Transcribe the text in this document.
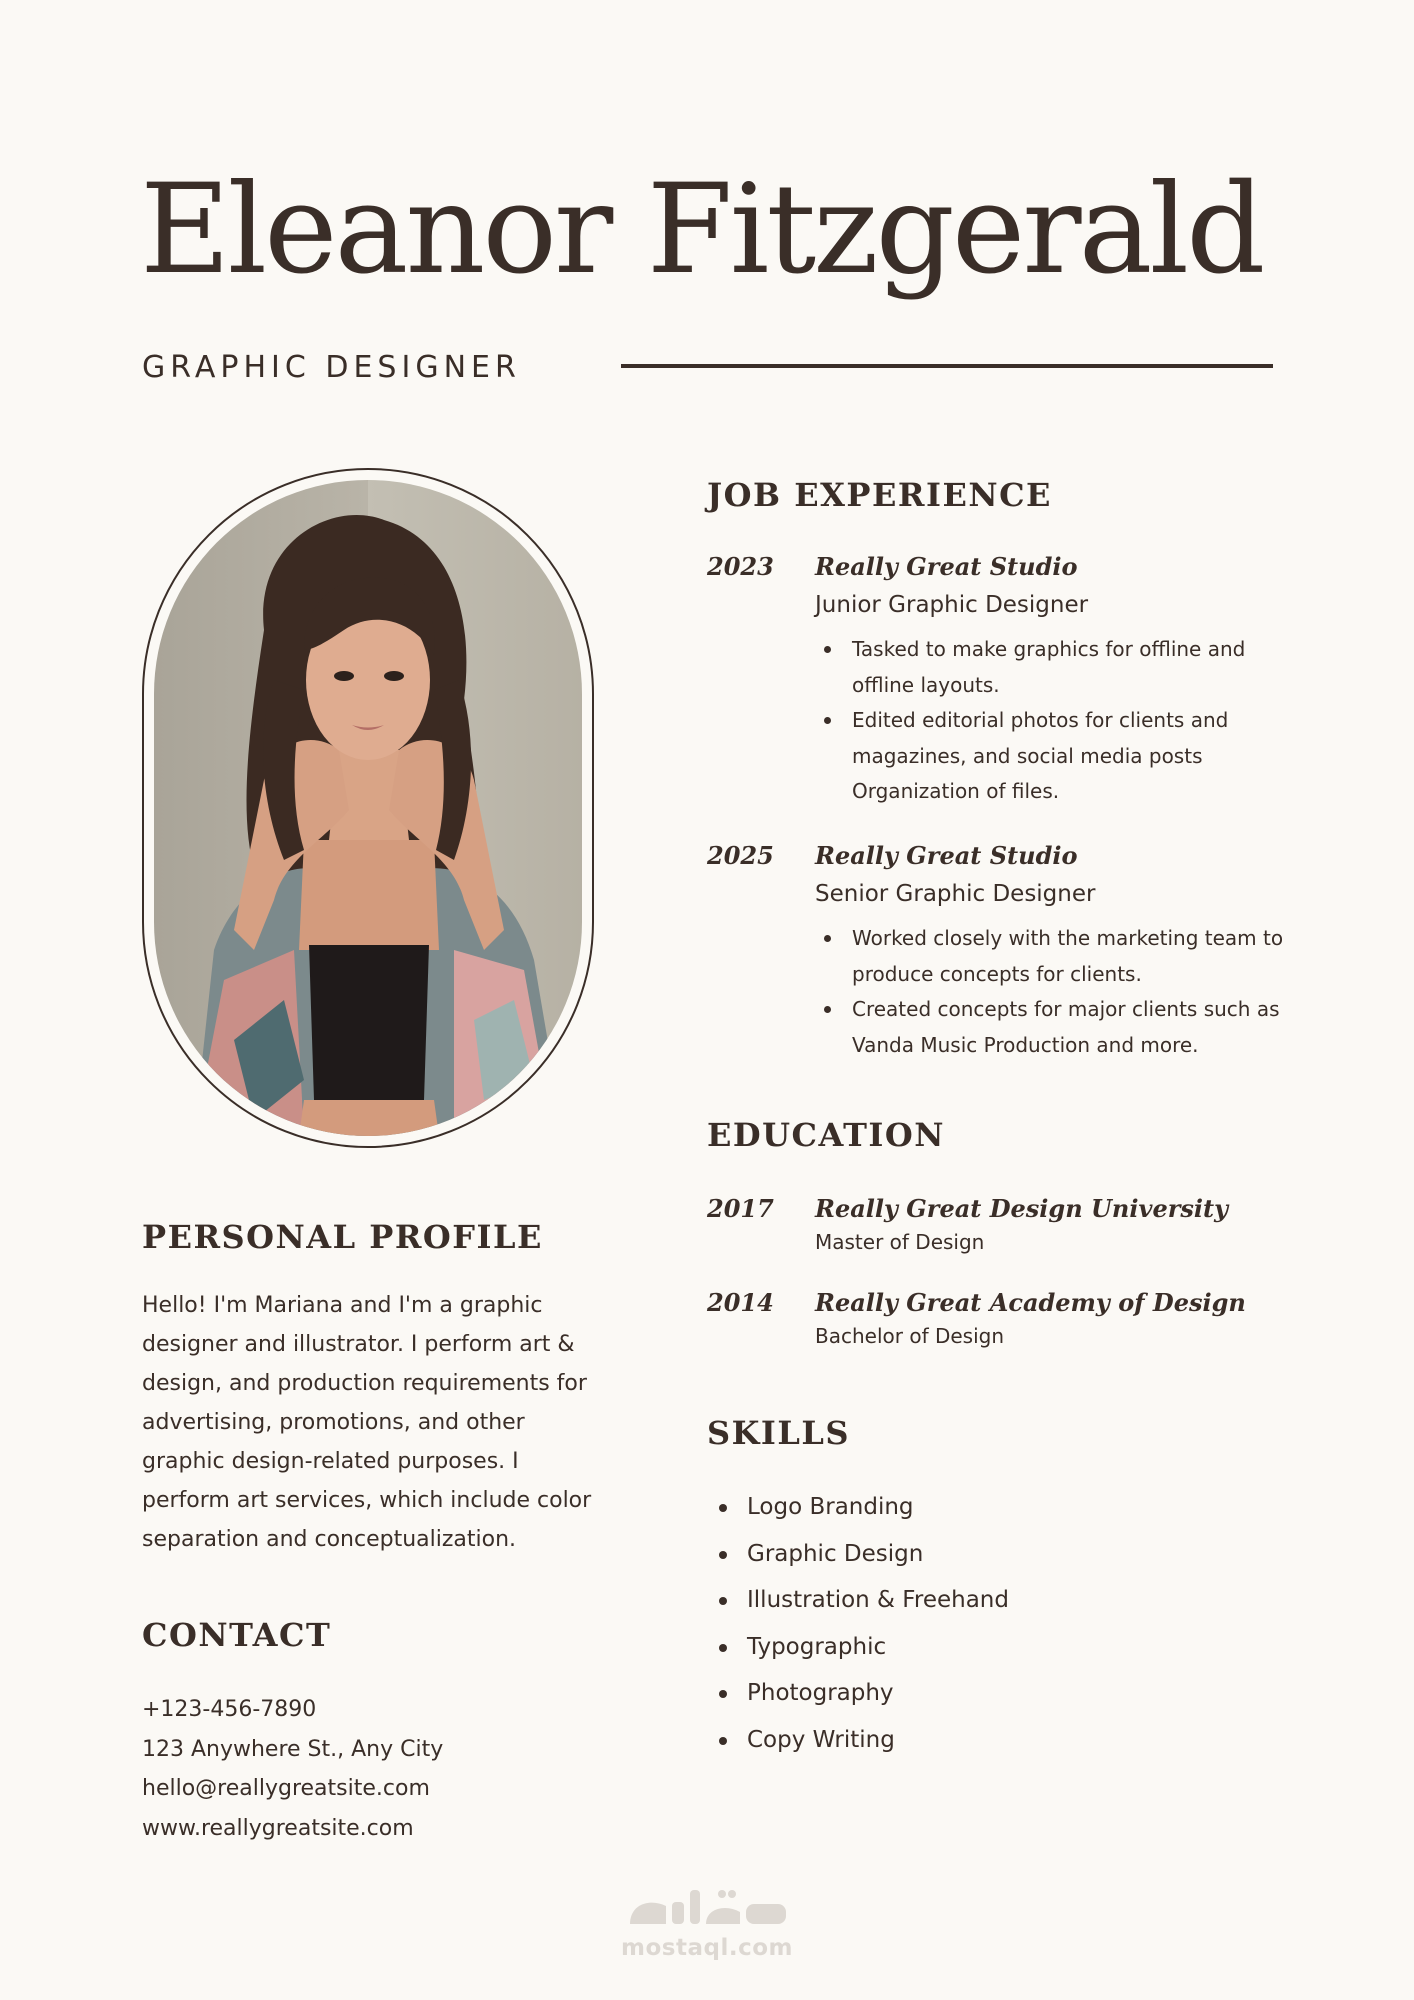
Eleanor Fitzgerald
GRAPHIC DESIGNER
PERSONAL PROFILE
Hello! I'm Mariana and I'm a graphic designer and illustrator. I perform art & design, and production requirements for advertising, promotions, and other graphic design-related purposes. I perform art services, which include color separation and conceptualization.
CONTACT
+123-456-7890
123 Anywhere St., Any City
hello@reallygreatsite.com
www.reallygreatsite.com
JOB EXPERIENCE
2023 Really Great Studio
Junior Graphic Designer
Tasked to make graphics for offline and offline layouts.
Edited editorial photos for clients and magazines, and social media posts Organization of files.
2025 Really Great Studio
Senior Graphic Designer
Worked closely with the marketing team to produce concepts for clients.
Created concepts for major clients such as Vanda Music Production and more.
EDUCATION
2017 Really Great Design University
Master of Design
2014 Really Great Academy of Design
Bachelor of Design
SKILLS
Logo Branding
Graphic Design
Illustration & Freehand
Typographic
Photography
Copy Writing
mostaql.com
